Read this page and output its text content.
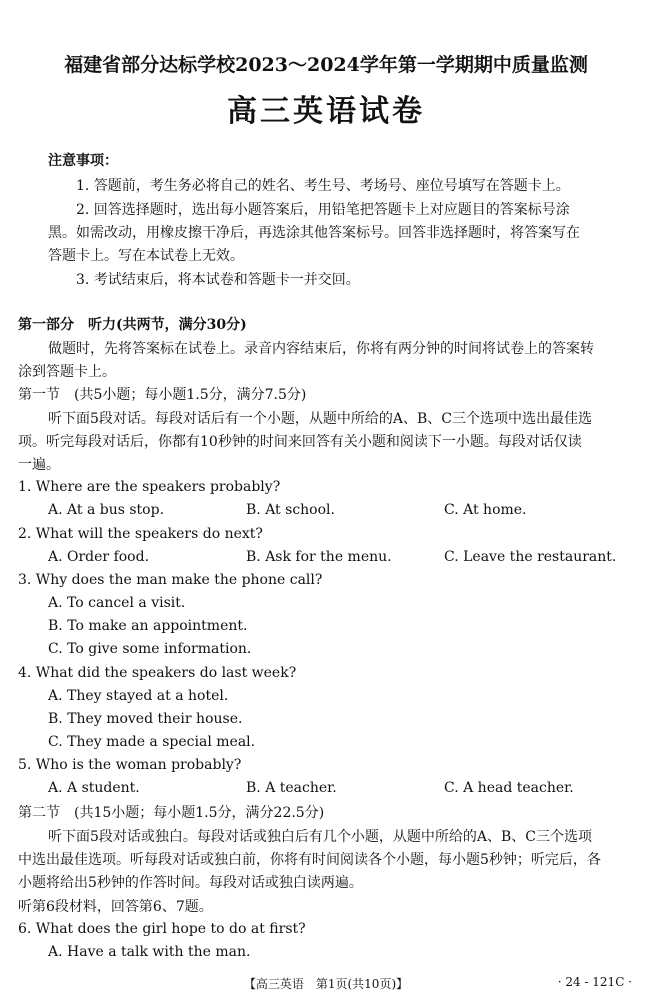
福建省部分达标学校2023～2024学年第一学期期中质量监测
高三英语试卷
注意事项：
1. 答题前，考生务必将自己的姓名、考生号、考场号、座位号填写在答题卡上。
2. 回答选择题时，选出每小题答案后，用铅笔把答题卡上对应题目的答案标号涂
黑。如需改动，用橡皮擦干净后，再选涂其他答案标号。回答非选择题时，将答案写在
答题卡上。写在本试卷上无效。
3. 考试结束后，将本试卷和答题卡一并交回。
第一部分　听力(共两节，满分30分)
做题时，先将答案标在试卷上。录音内容结束后，你将有两分钟的时间将试卷上的答案转
涂到答题卡上。
第一节　(共5小题；每小题1.5分，满分7.5分)
听下面5段对话。每段对话后有一个小题，从题中所给的A、B、C三个选项中选出最佳选
项。听完每段对话后，你都有10秒钟的时间来回答有关小题和阅读下一小题。每段对话仅读
一遍。
1. Where are the speakers probably?
A. At a bus stop.	B. At school.	C. At home.
2. What will the speakers do next?
A. Order food.	B. Ask for the menu.	C. Leave the restaurant.
3. Why does the man make the phone call?
A. To cancel a visit.
B. To make an appointment.
C. To give some information.
4. What did the speakers do last week?
A. They stayed at a hotel.
B. They moved their house.
C. They made a special meal.
5. Who is the woman probably?
A. A student.	B. A teacher.	C. A head teacher.
第二节　(共15小题；每小题1.5分，满分22.5分)
听下面5段对话或独白。每段对话或独白后有几个小题，从题中所给的A、B、C三个选项
中选出最佳选项。听每段对话或独白前，你将有时间阅读各个小题，每小题5秒钟；听完后，各
小题将给出5秒钟的作答时间。每段对话或独白读两遍。
听第6段材料，回答第6、7题。
6. What does the girl hope to do at first?
A. Have a talk with the man.
【高三英语　第1页(共10页)】	· 24 - 121C ·
